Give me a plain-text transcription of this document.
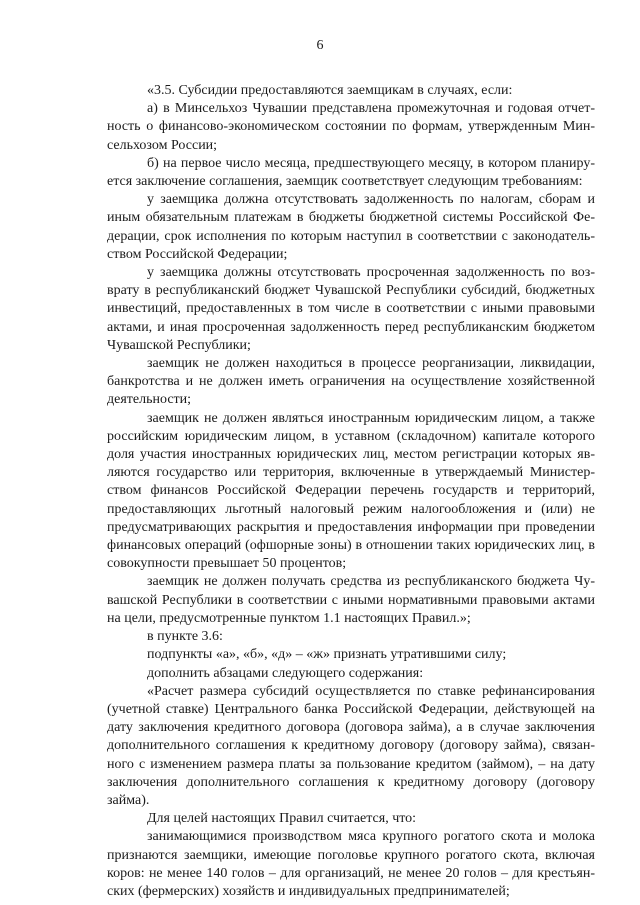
6

«3.5. Субсидии предоставляются заемщикам в случаях, если:

а) в Минсельхоз Чувашии представлена промежуточная и годовая отчетность о финансово-экономическом состоянии по формам, утвержденным Минсельхозом России;

б) на первое число месяца, предшествующего месяцу, в котором планируется заключение соглашения, заемщик соответствует следующим требованиям:

у заемщика должна отсутствовать задолженность по налогам, сборам и иным обязательным платежам в бюджеты бюджетной системы Российской Федерации, срок исполнения по которым наступил в соответствии с законодательством Российской Федерации;

у заемщика должны отсутствовать просроченная задолженность по возврату в республиканский бюджет Чувашской Республики субсидий, бюджетных инвестиций, предоставленных в том числе в соответствии с иными правовыми актами, и иная просроченная задолженность перед республиканским бюджетом Чувашской Республики;

заемщик не должен находиться в процессе реорганизации, ликвидации, банкротства и не должен иметь ограничения на осуществление хозяйственной деятельности;

заемщик не должен являться иностранным юридическим лицом, а также российским юридическим лицом, в уставном (складочном) капитале которого доля участия иностранных юридических лиц, местом регистрации которых являются государство или территория, включенные в утверждаемый Министерством финансов Российской Федерации перечень государств и территорий, предоставляющих льготный налоговый режим налогообложения и (или) не предусматривающих раскрытия и предоставления информации при проведении финансовых операций (офшорные зоны) в отношении таких юридических лиц, в совокупности превышает 50 процентов;

заемщик не должен получать средства из республиканского бюджета Чувашской Республики в соответствии с иными нормативными правовыми актами на цели, предусмотренные пунктом 1.1 настоящих Правил.»;

в пункте 3.6:

подпункты «а», «б», «д» – «ж» признать утратившими силу;

дополнить абзацами следующего содержания:

«Расчет размера субсидий осуществляется по ставке рефинансирования (учетной ставке) Центрального банка Российской Федерации, действующей на дату заключения кредитного договора (договора займа), а в случае заключения дополнительного соглашения к кредитному договору (договору займа), связанного с изменением размера платы за пользование кредитом (займом), – на дату заключения дополнительного соглашения к кредитному договору (договору займа).

Для целей настоящих Правил считается, что:

занимающимися производством мяса крупного рогатого скота и молока признаются заемщики, имеющие поголовье крупного рогатого скота, включая коров: не менее 140 голов – для организаций, не менее 20 голов – для крестьянских (фермерских) хозяйств и индивидуальных предпринимателей;
